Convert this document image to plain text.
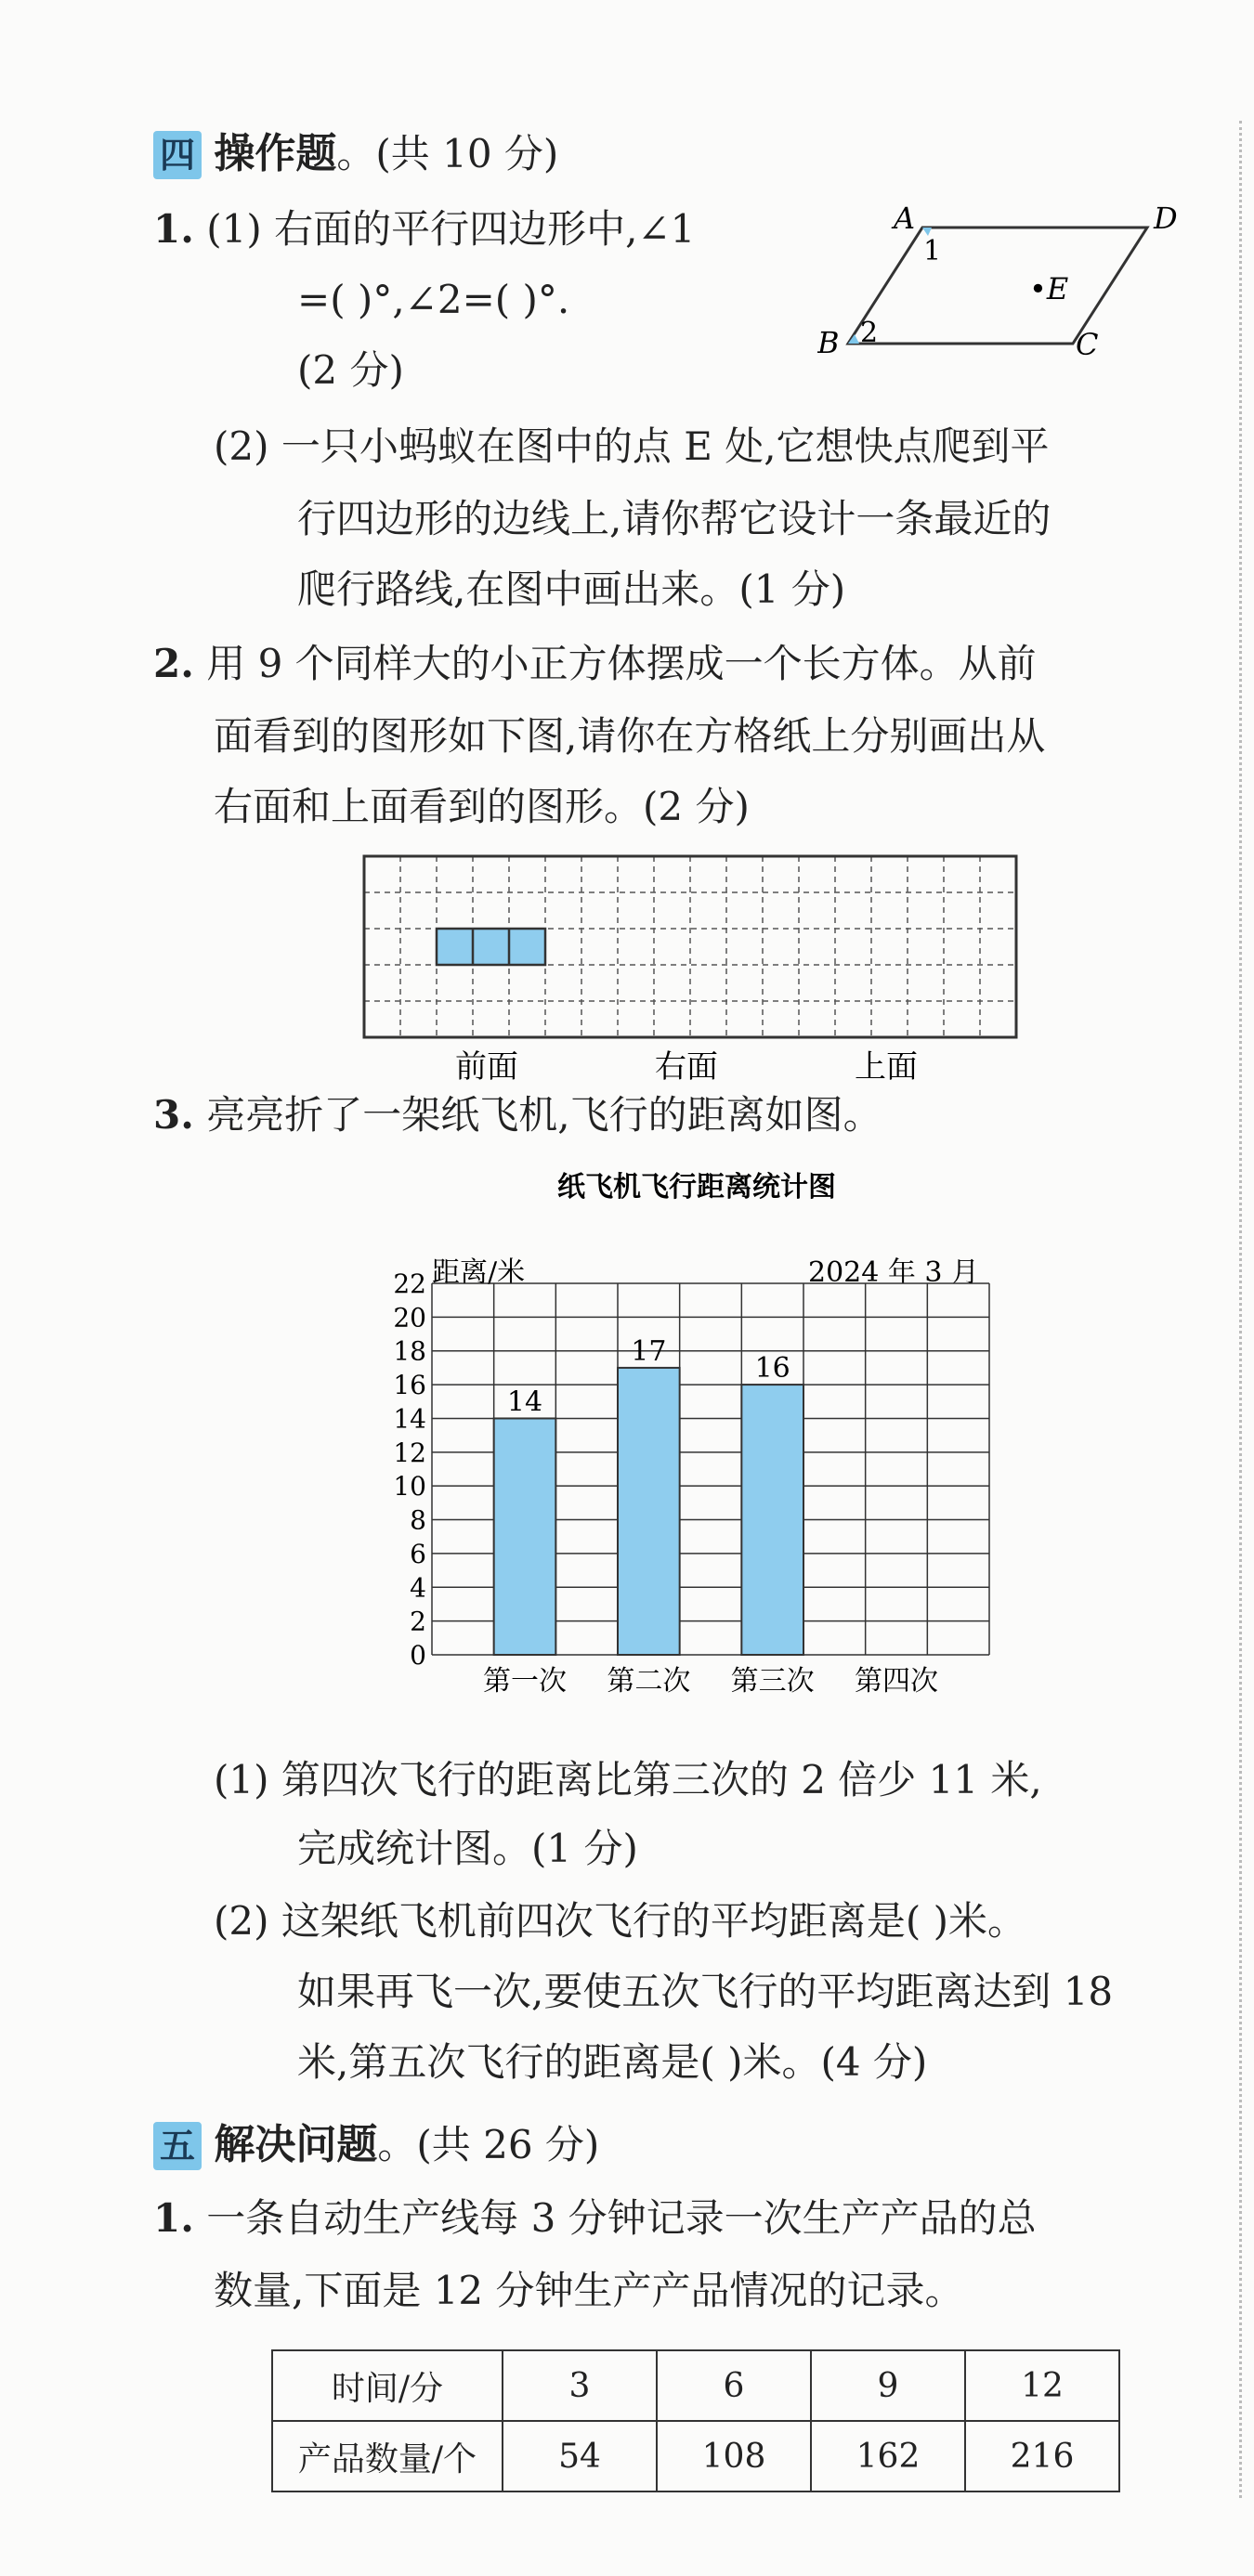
四 操作题。(共 10 分)
1. (1) 右面的平行四边形中,∠1
=( )°,∠2=( )°.
(2 分)
A	D
B	C
1
2
•E
(2) 一只小蚂蚁在图中的点 E 处,它想快点爬到平
行四边形的边线上,请你帮它设计一条最近的
爬行路线,在图中画出来。(1 分)
2. 用 9 个同样大的小正方体摆成一个长方体。从前
面看到的图形如下图,请你在方格纸上分别画出从
右面和上面看到的图形。(2 分)
前面	右面	上面
3. 亮亮折了一架纸飞机,飞行的距离如图。
纸飞机飞行距离统计图
距离/米	2024 年 3 月
14
17
16
0
2
4
6
8
10
12
14
16
18
20
22
第一次 第二次 第三次 第四次
(1) 第四次飞行的距离比第三次的 2 倍少 11 米,
完成统计图。(1 分)
(2) 这架纸飞机前四次飞行的平均距离是( )米。
如果再飞一次,要使五次飞行的平均距离达到 18
米,第五次飞行的距离是( )米。(4 分)
五 解决问题。(共 26 分)
1. 一条自动生产线每 3 分钟记录一次生产产品的总
数量,下面是 12 分钟生产产品情况的记录。
时间/分	3	6	9	12
产品数量/个	54	108	162	216
